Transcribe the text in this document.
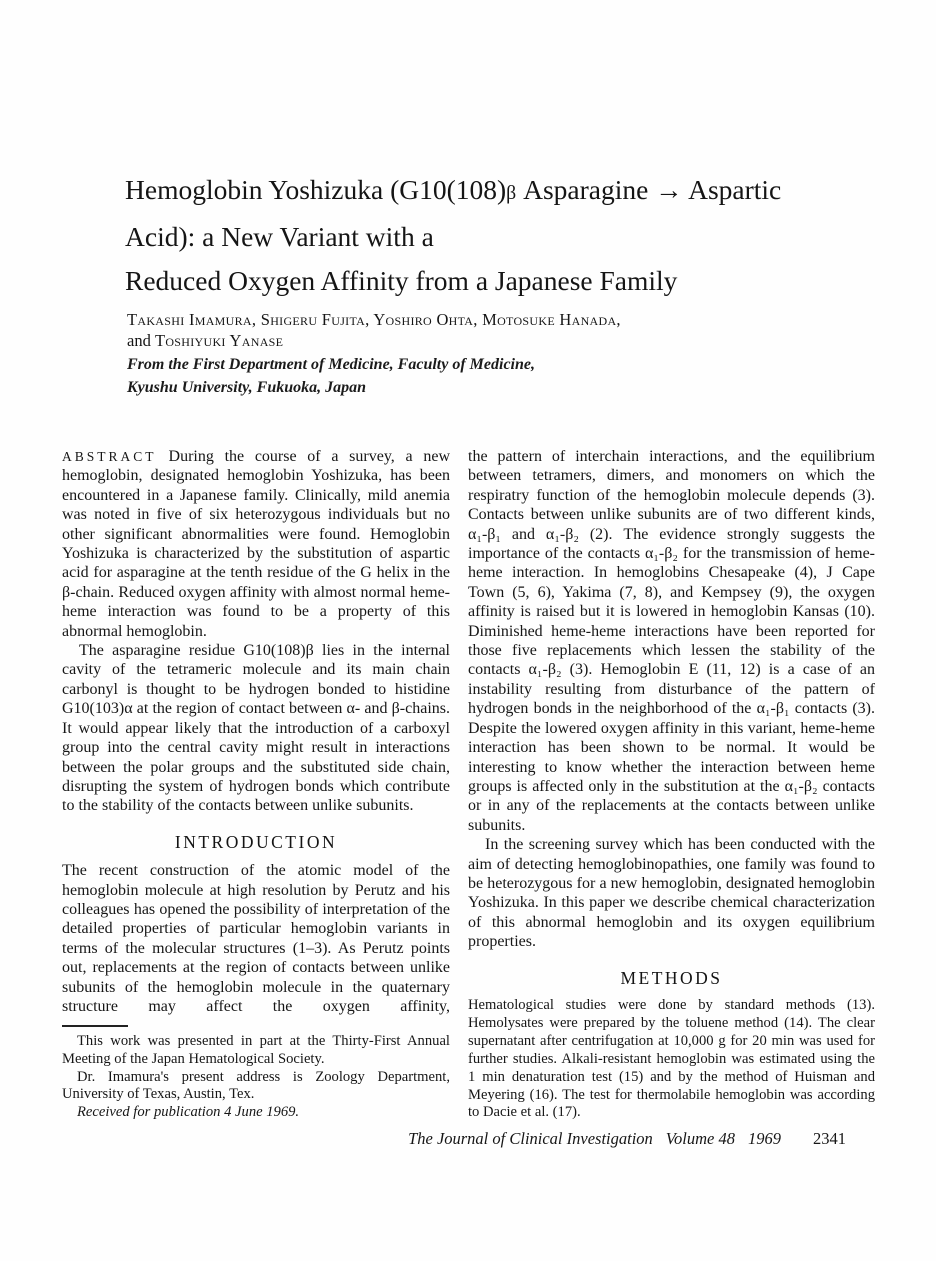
Hemoglobin Yoshizuka (G10(108)β Asparagine → Aspartic
Acid): a New Variant with a
Reduced Oxygen Affinity from a Japanese Family
Takashi Imamura, Shigeru Fujita, Yoshiro Ohta, Motosuke Hanada,
and Toshiyuki Yanase
From the First Department of Medicine, Faculty of Medicine,
Kyushu University, Fukuoka, Japan

ABSTRACT During the course of a survey, a new hemoglobin, designated hemoglobin Yoshizuka, has been encountered in a Japanese family. Clinically, mild anemia was noted in five of six heterozygous individuals but no other significant abnormalities were found. Hemoglobin Yoshizuka is characterized by the substitution of aspartic acid for asparagine at the tenth residue of the G helix in the β-chain. Reduced oxygen affinity with almost normal heme-heme interaction was found to be a property of this abnormal hemoglobin.

The asparagine residue G10(108)β lies in the internal cavity of the tetrameric molecule and its main chain carbonyl is thought to be hydrogen bonded to histidine G10(103)α at the region of contact between α- and β-chains. It would appear likely that the introduction of a carboxyl group into the central cavity might result in interactions between the polar groups and the substituted side chain, disrupting the system of hydrogen bonds which contribute to the stability of the contacts between unlike subunits.

INTRODUCTION

The recent construction of the atomic model of the hemoglobin molecule at high resolution by Perutz and his colleagues has opened the possibility of interpretation of the detailed properties of particular hemoglobin variants in terms of the molecular structures (1–3). As Perutz points out, replacements at the region of contacts between unlike subunits of the hemoglobin molecule in the quaternary structure may affect the oxygen affinity,

This work was presented in part at the Thirty-First Annual Meeting of the Japan Hematological Society.

Dr. Imamura's present address is Zoology Department, University of Texas, Austin, Tex.

Received for publication 4 June 1969.

the pattern of interchain interactions, and the equilibrium between tetramers, dimers, and monomers on which the respiratry function of the hemoglobin molecule depends (3). Contacts between unlike subunits are of two different kinds, α₁-β₁ and α₁-β₂ (2). The evidence strongly suggests the importance of the contacts α₁-β₂ for the transmission of heme-heme interaction. In hemoglobins Chesapeake (4), J Cape Town (5, 6), Yakima (7, 8), and Kempsey (9), the oxygen affinity is raised but it is lowered in hemoglobin Kansas (10). Diminished heme-heme interactions have been reported for those five replacements which lessen the stability of the contacts α₁-β₂ (3). Hemoglobin E (11, 12) is a case of an instability resulting from disturbance of the pattern of hydrogen bonds in the neighborhood of the α₁-β₁ contacts (3). Despite the lowered oxygen affinity in this variant, heme-heme interaction has been shown to be normal. It would be interesting to know whether the interaction between heme groups is affected only in the substitution at the α₁-β₂ contacts or in any of the replacements at the contacts between unlike subunits.

In the screening survey which has been conducted with the aim of detecting hemoglobinopathies, one family was found to be heterozygous for a new hemoglobin, designated hemoglobin Yoshizuka. In this paper we describe chemical characterization of this abnormal hemoglobin and its oxygen equilibrium properties.

METHODS

Hematological studies were done by standard methods (13). Hemolysates were prepared by the toluene method (14). The clear supernatant after centrifugation at 10,000 g for 20 min was used for further studies. Alkali-resistant hemoglobin was estimated using the 1 min denaturation test (15) and by the method of Huisman and Meyering (16). The test for thermolabile hemoglobin was according to Dacie et al. (17).

The Journal of Clinical Investigation Volume 48 1969 2341
